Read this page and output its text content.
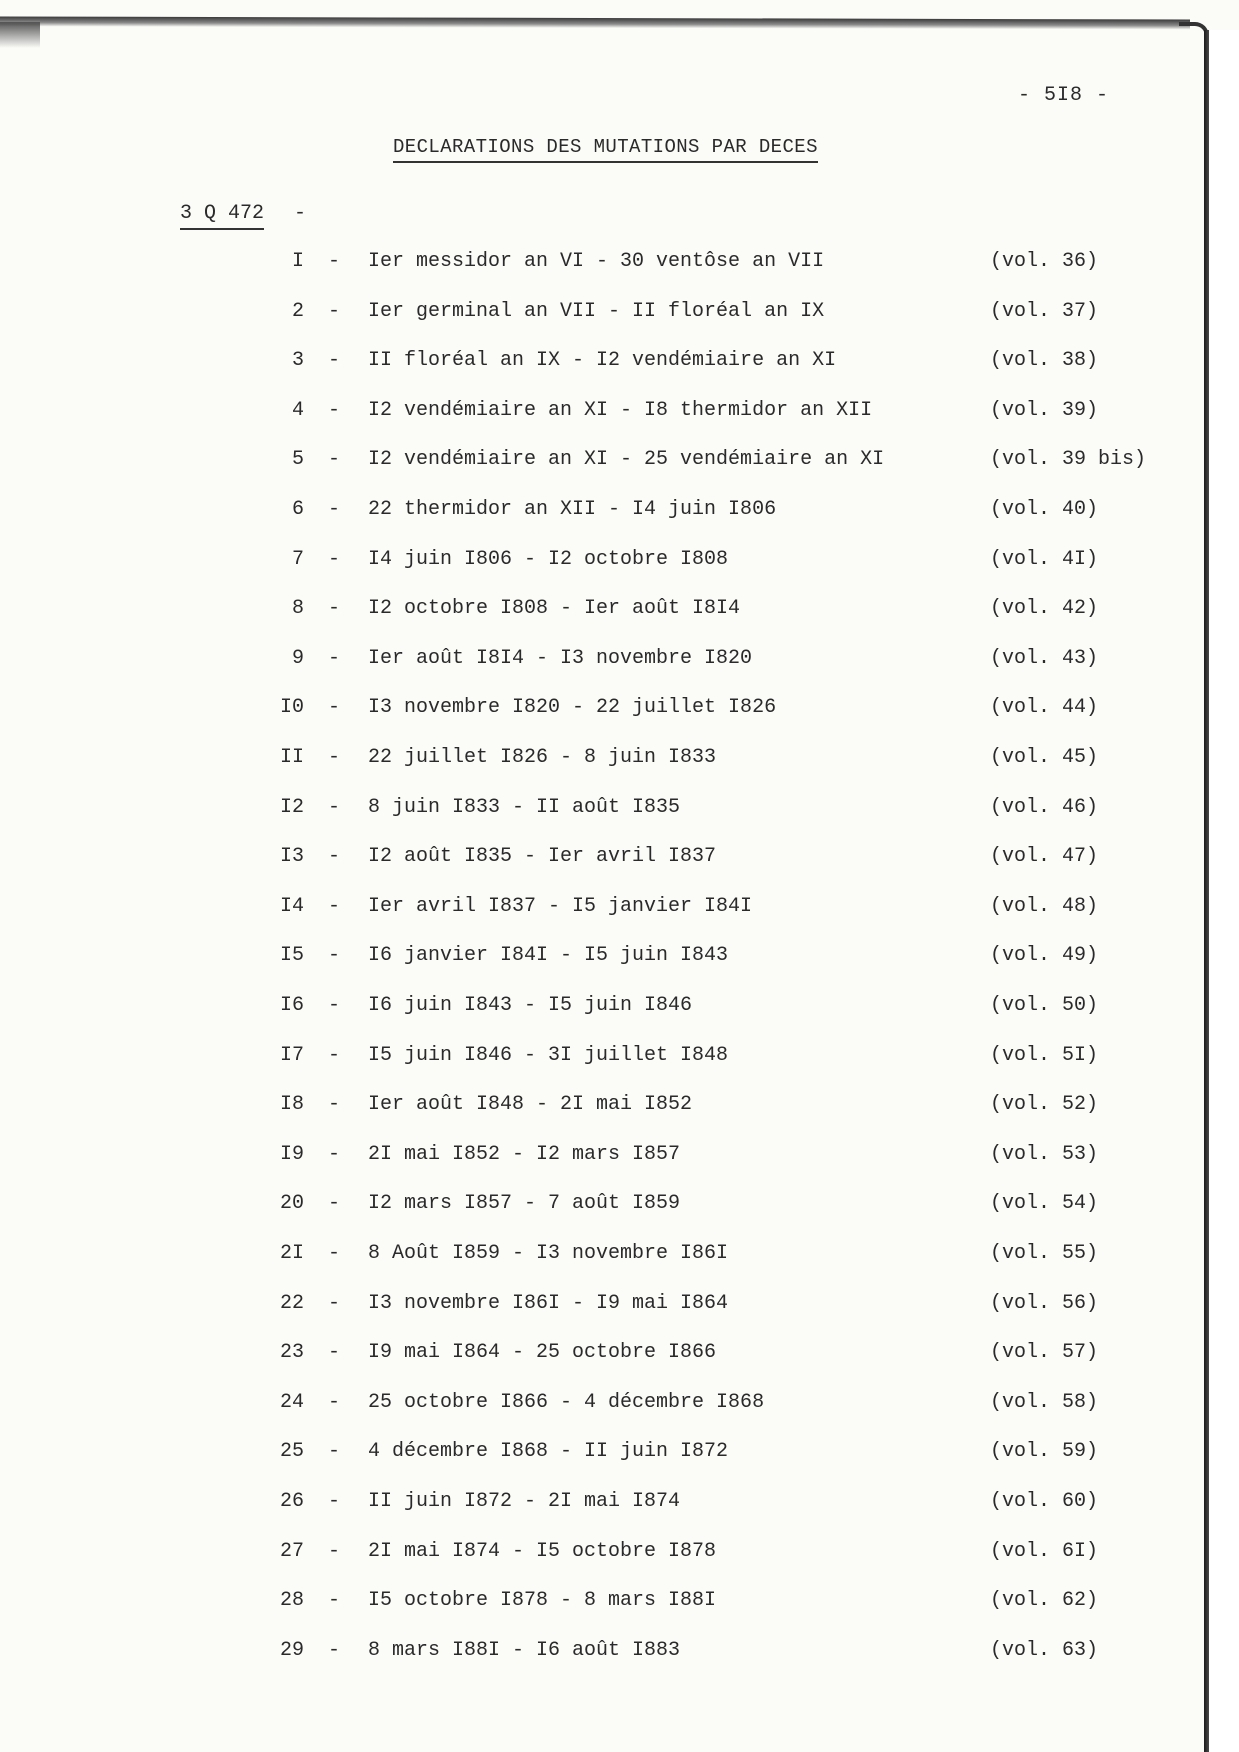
- 5I8 -
DECLARATIONS DES MUTATIONS PAR DECES
3 Q 472 -
I - Ier messidor an VI - 30 ventôse an VII	(vol. 36)
2 - Ier germinal an VII - II floréal an IX	(vol. 37)
3 - II floréal an IX - I2 vendémiaire an XI	(vol. 38)
4 - I2 vendémiaire an XI - I8 thermidor an XII	(vol. 39)
5 - I2 vendémiaire an XI - 25 vendémiaire an XI	(vol. 39 bis)
6 - 22 thermidor an XII - I4 juin I806	(vol. 40)
7 - I4 juin I806 - I2 octobre I808	(vol. 4I)
8 - I2 octobre I808 - Ier août I8I4	(vol. 42)
9 - Ier août I8I4 - I3 novembre I820	(vol. 43)
I0 - I3 novembre I820 - 22 juillet I826	(vol. 44)
II - 22 juillet I826 - 8 juin I833	(vol. 45)
I2 - 8 juin I833 - II août I835	(vol. 46)
I3 - I2 août I835 - Ier avril I837	(vol. 47)
I4 - Ier avril I837 - I5 janvier I84I	(vol. 48)
I5 - I6 janvier I84I - I5 juin I843	(vol. 49)
I6 - I6 juin I843 - I5 juin I846	(vol. 50)
I7 - I5 juin I846 - 3I juillet I848	(vol. 5I)
I8 - Ier août I848 - 2I mai I852	(vol. 52)
I9 - 2I mai I852 - I2 mars I857	(vol. 53)
20 - I2 mars I857 - 7 août I859	(vol. 54)
2I - 8 Août I859 - I3 novembre I86I	(vol. 55)
22 - I3 novembre I86I - I9 mai I864	(vol. 56)
23 - I9 mai I864 - 25 octobre I866	(vol. 57)
24 - 25 octobre I866 - 4 décembre I868	(vol. 58)
25 - 4 décembre I868 - II juin I872	(vol. 59)
26 - II juin I872 - 2I mai I874	(vol. 60)
27 - 2I mai I874 - I5 octobre I878	(vol. 6I)
28 - I5 octobre I878 - 8 mars I88I	(vol. 62)
29 - 8 mars I88I - I6 août I883	(vol. 63)
